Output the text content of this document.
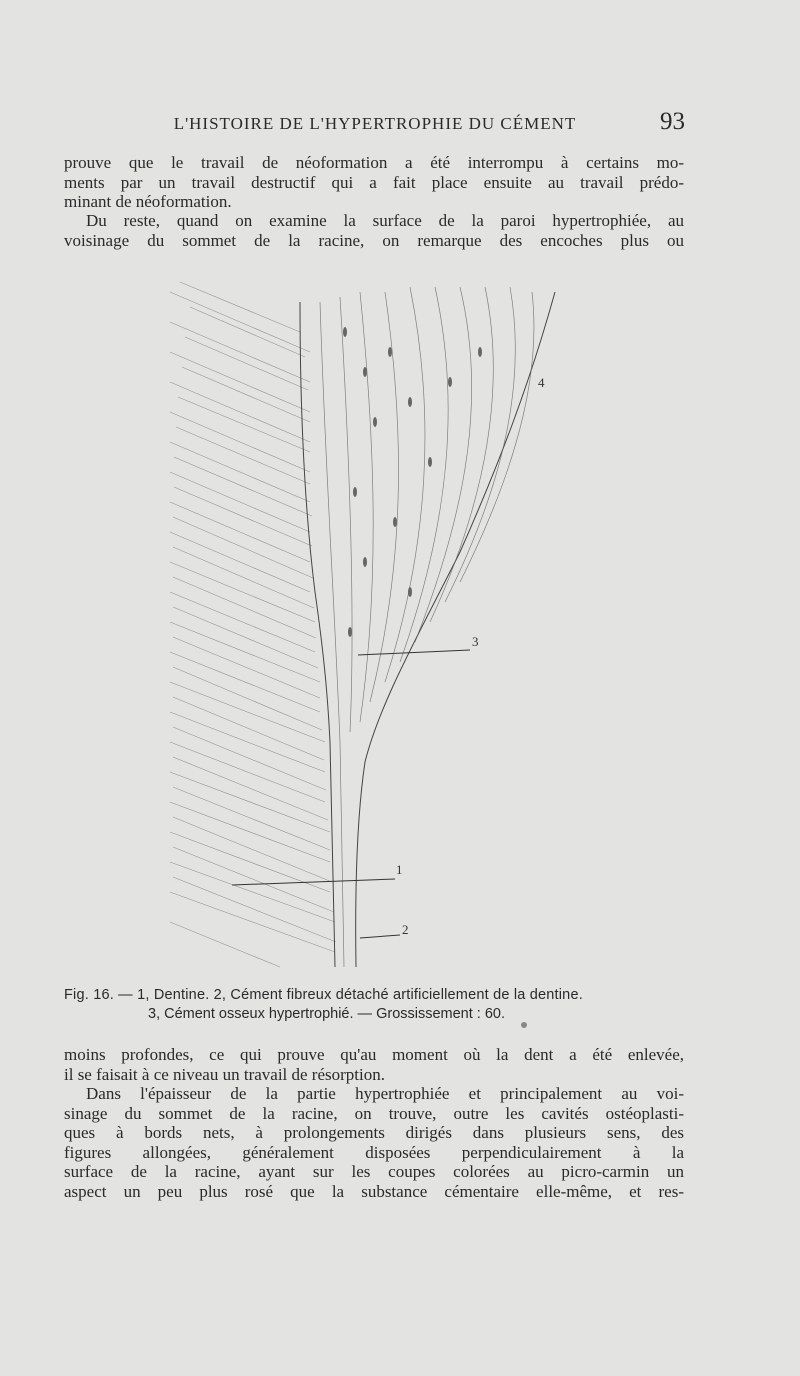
L'HISTOIRE DE L'HYPERTROPHIE DU CÉMENT	93

prouve que le travail de néoformation a été interrompu à certains mo-
ments par un travail destructif qui a fait place ensuite au travail prédo-
minant de néoformation.

Du reste, quand on examine la surface de la paroi hypertrophiée, au
voisinage du sommet de la racine, on remarque des encoches plus ou

4
3
1
2
Fig. 16. — 1, Dentine. 2, Cément fibreux détaché artificiellement de la dentine.
3, Cément osseux hypertrophié. — Grossissement : 60.

moins profondes, ce qui prouve qu'au moment où la dent a été enlevée,
il se faisait à ce niveau un travail de résorption.

Dans l'épaisseur de la partie hypertrophiée et principalement au voi-
sinage du sommet de la racine, on trouve, outre les cavités ostéoplasti-
ques à bords nets, à prolongements dirigés dans plusieurs sens, des
figures allongées, généralement disposées perpendiculairement à la
surface de la racine, ayant sur les coupes colorées au picro-carmin un
aspect un peu plus rosé que la substance cémentaire elle-même, et res-
